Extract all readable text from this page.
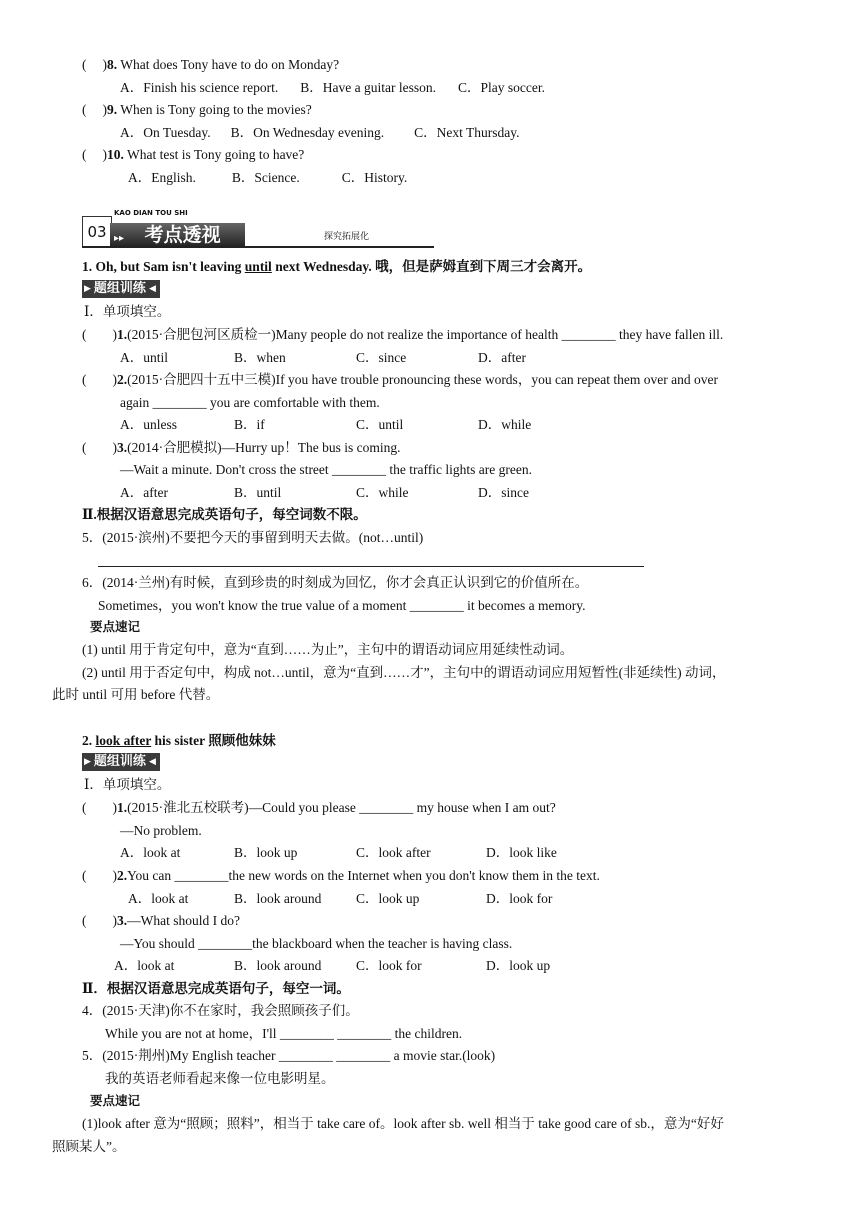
( )8. What does Tony have to do on Monday?
A．Finish his science report. B．Have a guitar lesson. C．Play soccer.
( )9. When is Tony going to the movies?
A．On Tuesday. B．On Wednesday evening. C．Next Thursday.
( )10. What test is Tony going to have?
A．English.	B．Science.	C．History.
03
KAO DIAN TOU SHI
▸▸ 考点透视	探究拓展化
1. Oh, but Sam isn't leaving until next Wednesday. 哦，但是萨姆直到下周三才会离开。
▶ 题组训练 ◀
Ⅰ．单项填空。
( )1.(2015·合肥包河区质检一)Many people do not realize the importance of health ________ they have fallen ill.
A．until	B．when	C．since	D．after
( )2.(2015·合肥四十五中三模)If you have trouble pronouncing these words，you can repeat them over and over
again ________ you are comfortable with them.
A．unless	B．if	C．until	D．while
( )3.(2014·合肥模拟)—Hurry up！The bus is coming.
—Wait a minute. Don't cross the street ________ the traffic lights are green.
A．after	B．until	C．while	D．since
Ⅱ.根据汉语意思完成英语句子，每空词数不限。
5．(2015·滨州)不要把今天的事留到明天去做。(not…until)
6．(2014·兰州)有时候，直到珍贵的时刻成为回忆，你才会真正认识到它的价值所在。
Sometimes，you won't know the true value of a moment ________ it becomes a memory.
要点速记
(1) until 用于肯定句中，意为“直到……为止”，主句中的谓语动词应用延续性动词。
(2) until 用于否定句中，构成 not…until，意为“直到……才”，主句中的谓语动词应用短暂性(非延续性) 动词，
此时 until 可用 before 代替。
2. look after his sister 照顾他妹妹
▶ 题组训练 ◀
Ⅰ．单项填空。
( )1.(2015·淮北五校联考)—Could you please ________ my house when I am out?
—No problem.
A．look at	B．look up	C．look after	D．look like
( )2.You can ________the new words on the Internet when you don't know them in the text.
A．look at	B．look around	C．look up	D．look for
( )3.—What should I do?
—You should ________the blackboard when the teacher is having class.
A．look at	B．look around	C．look for	D．look up
Ⅱ．根据汉语意思完成英语句子，每空一词。
4．(2015·天津)你不在家时，我会照顾孩子们。
While you are not at home，I'll ________ ________ the children.
5．(2015·荆州)My English teacher ________ ________ a movie star.(look)
我的英语老师看起来像一位电影明星。
要点速记
(1)look after 意为“照顾；照料”，相当于 take care of。look after sb. well 相当于 take good care of sb.，意为“好好
照顾某人”。
